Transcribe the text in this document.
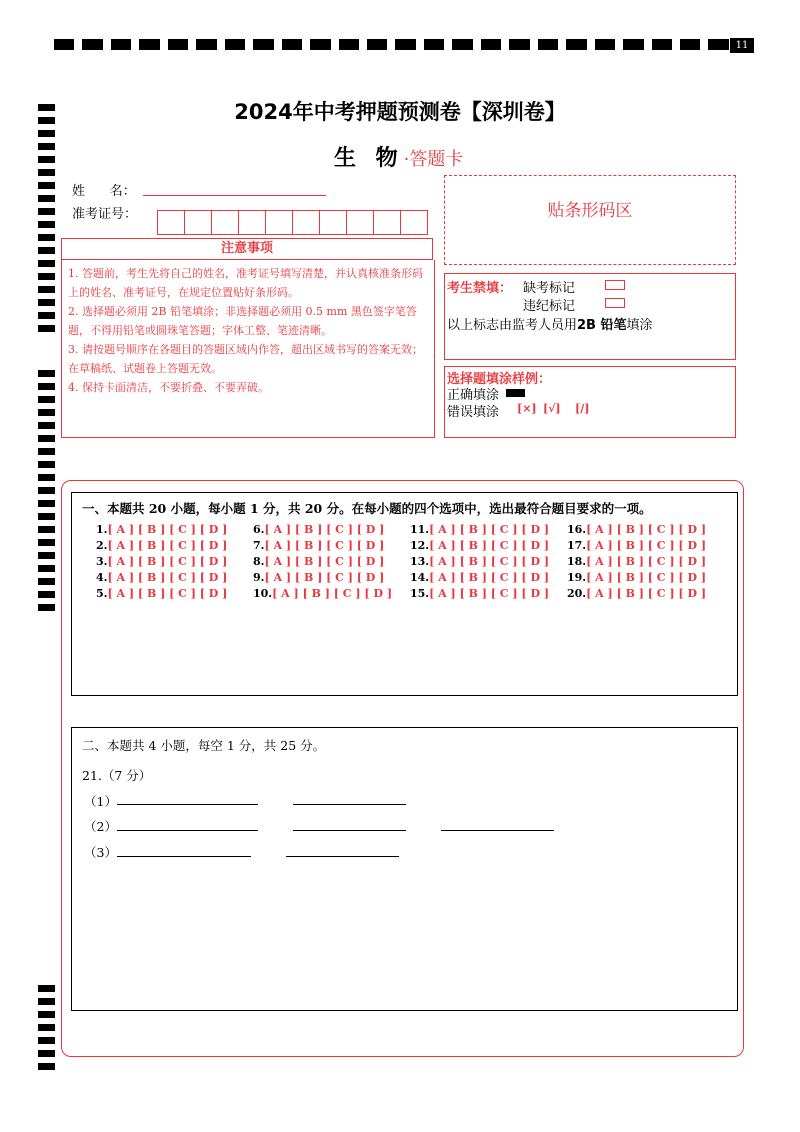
11
2024年中考押题预测卷【深圳卷】
生 物·答题卡
姓      名：
准考证号：	贴条形码区
注意事项
1. 答题前，考生先将自己的姓名，准考证号填写清楚，并认真核准条形码上的姓名、准考证号，在规定位置贴好条形码。
2. 选择题必须用 2B 铅笔填涂；非选择题必须用 0.5 mm 黑色签字笔答题，不得用铅笔或圆珠笔答题；字体工整、笔迹清晰。
3. 请按题号顺序在各题目的答题区域内作答，超出区域书写的答案无效；在草稿纸、试题卷上答题无效。
4. 保持卡面清洁，不要折叠、不要弄破。
考生禁填： 缺考标记
违纪标记
以上标志由监考人员用2B 铅笔填涂
选择题填涂样例：
正确填涂
错误填涂 [×] [√] [/]
一、本题共 20 小题，每小题 1 分，共 20 分。在每小题的四个选项中，选出最符合题目要求的一项。
1.[ A ] [ B ] [ C ] [ D ]	6.[ A ] [ B ] [ C ] [ D ]	11.[ A ] [ B ] [ C ] [ D ]	16.[ A ] [ B ] [ C ] [ D ]
2.[ A ] [ B ] [ C ] [ D ]	7.[ A ] [ B ] [ C ] [ D ]	12.[ A ] [ B ] [ C ] [ D ]	17.[ A ] [ B ] [ C ] [ D ]
3.[ A ] [ B ] [ C ] [ D ]	8.[ A ] [ B ] [ C ] [ D ]	13.[ A ] [ B ] [ C ] [ D ]	18.[ A ] [ B ] [ C ] [ D ]
4.[ A ] [ B ] [ C ] [ D ]	9.[ A ] [ B ] [ C ] [ D ]	14.[ A ] [ B ] [ C ] [ D ]	19.[ A ] [ B ] [ C ] [ D ]
5.[ A ] [ B ] [ C ] [ D ]	10.[ A ] [ B ] [ C ] [ D ]	15.[ A ] [ B ] [ C ] [ D ]	20.[ A ] [ B ] [ C ] [ D ]
二、本题共 4 小题，每空 1 分，共 25 分。
21.（7 分）
（1）
（2）
（3）
